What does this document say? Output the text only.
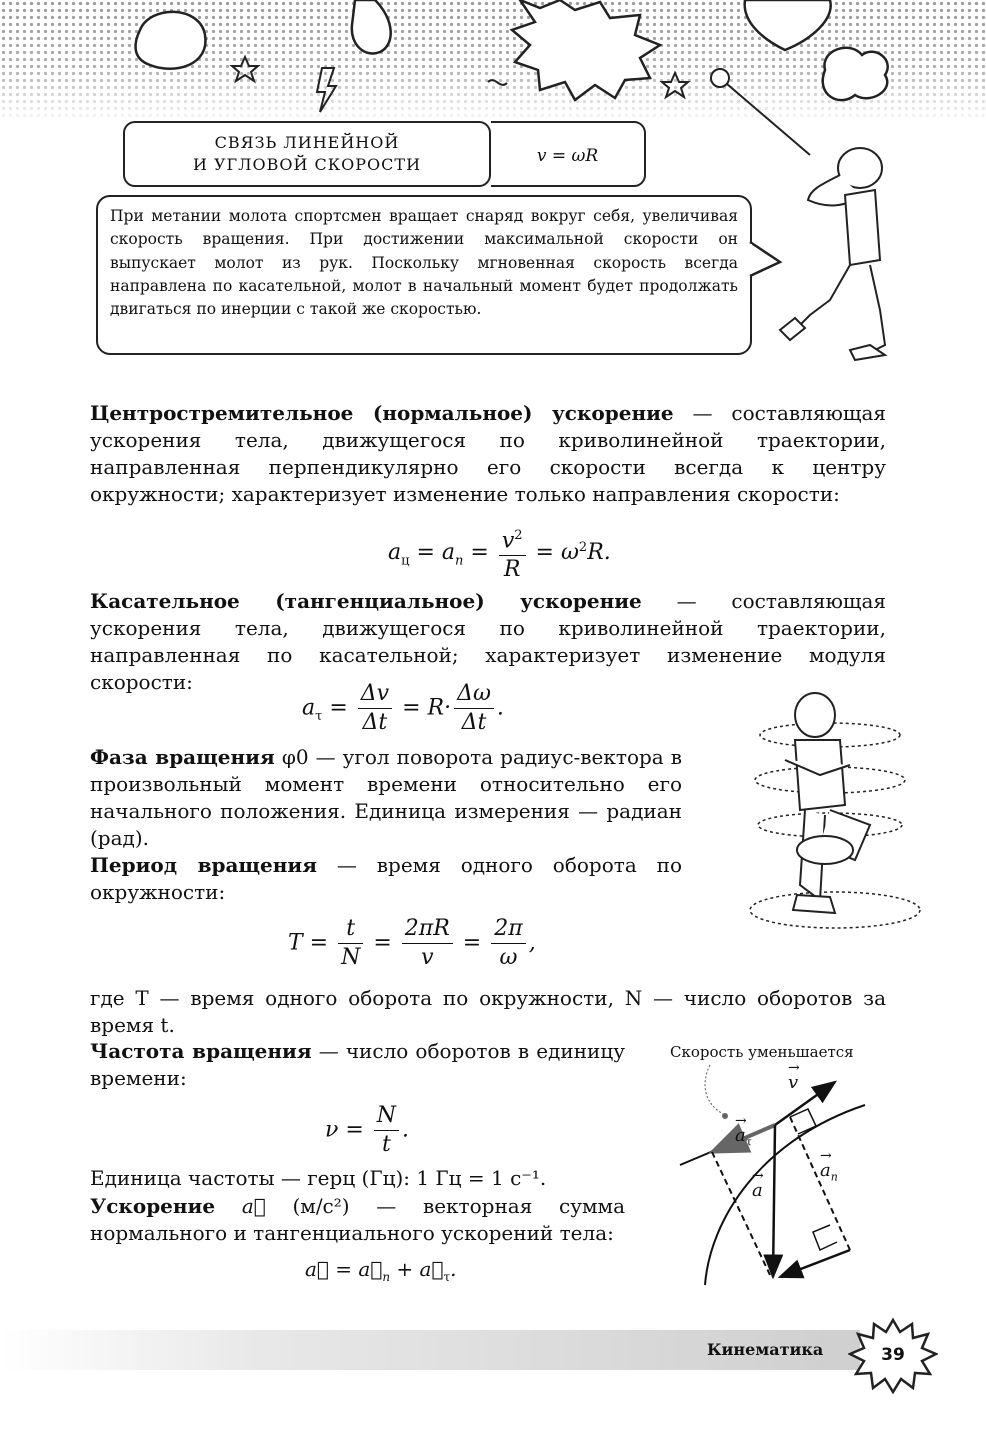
СВЯЗЬ ЛИНЕЙНОЙ
И УГЛОВОЙ СКОРОСТИ	v = ωR
При метании молота спортсмен вращает снаряд вокруг себя, увеличивая скорость вращения. При достижении максимальной скорости он выпускает молот из рук. Поскольку мгновенная скорость всегда направлена по касательной, молот в начальный момент будет продолжать двигаться по инерции с такой же скоростью.
Центростремительное (нормальное) ускорение — составляющая ускорения тела, движущегося по криволинейной траектории, направленная перпендикулярно его скорости всегда к центру окружности; характеризует изменение только направления скорости:
$a_ц = a_n = \frac{v^2}{R} = \omega^2R$.
Касательное (тангенциальное) ускорение — составляющая ускорения тела, движущегося по криволинейной траектории, направленная по касательной; характеризует изменение модуля скорости:
$a_\tau = \frac{\Delta v}{\Delta t} = R\cdot \frac{\Delta\omega}{\Delta t}$ .
Фаза вращения φ0 — угол поворота радиус-вектора в произвольный момент времени относительно его начального положения. Единица измерения — радиан (рад).
Период вращения — время одного оборота по окружности:
$T = \frac{t}{N} = \frac{2\pi R}{v} = \frac{2\pi}{\omega}$ ,
где T — время одного оборота по окружности, N — число оборотов за время t.
Частота вращения — число оборотов в единицу времени:
$\nu = \frac{N}{t}$ .
Единица частоты — герц (Гц): 1 Гц = 1 с⁻¹.
Ускорение a⃗ (м/с²) — векторная сумма нормального и тангенциального ускорений тела:
a⃗ = $a⃗_n$ + $a⃗_\tau$.
Скорость уменьшается
→
v
→
$a_\tau$
→
a
→
$a_n$
Кинематика	39
